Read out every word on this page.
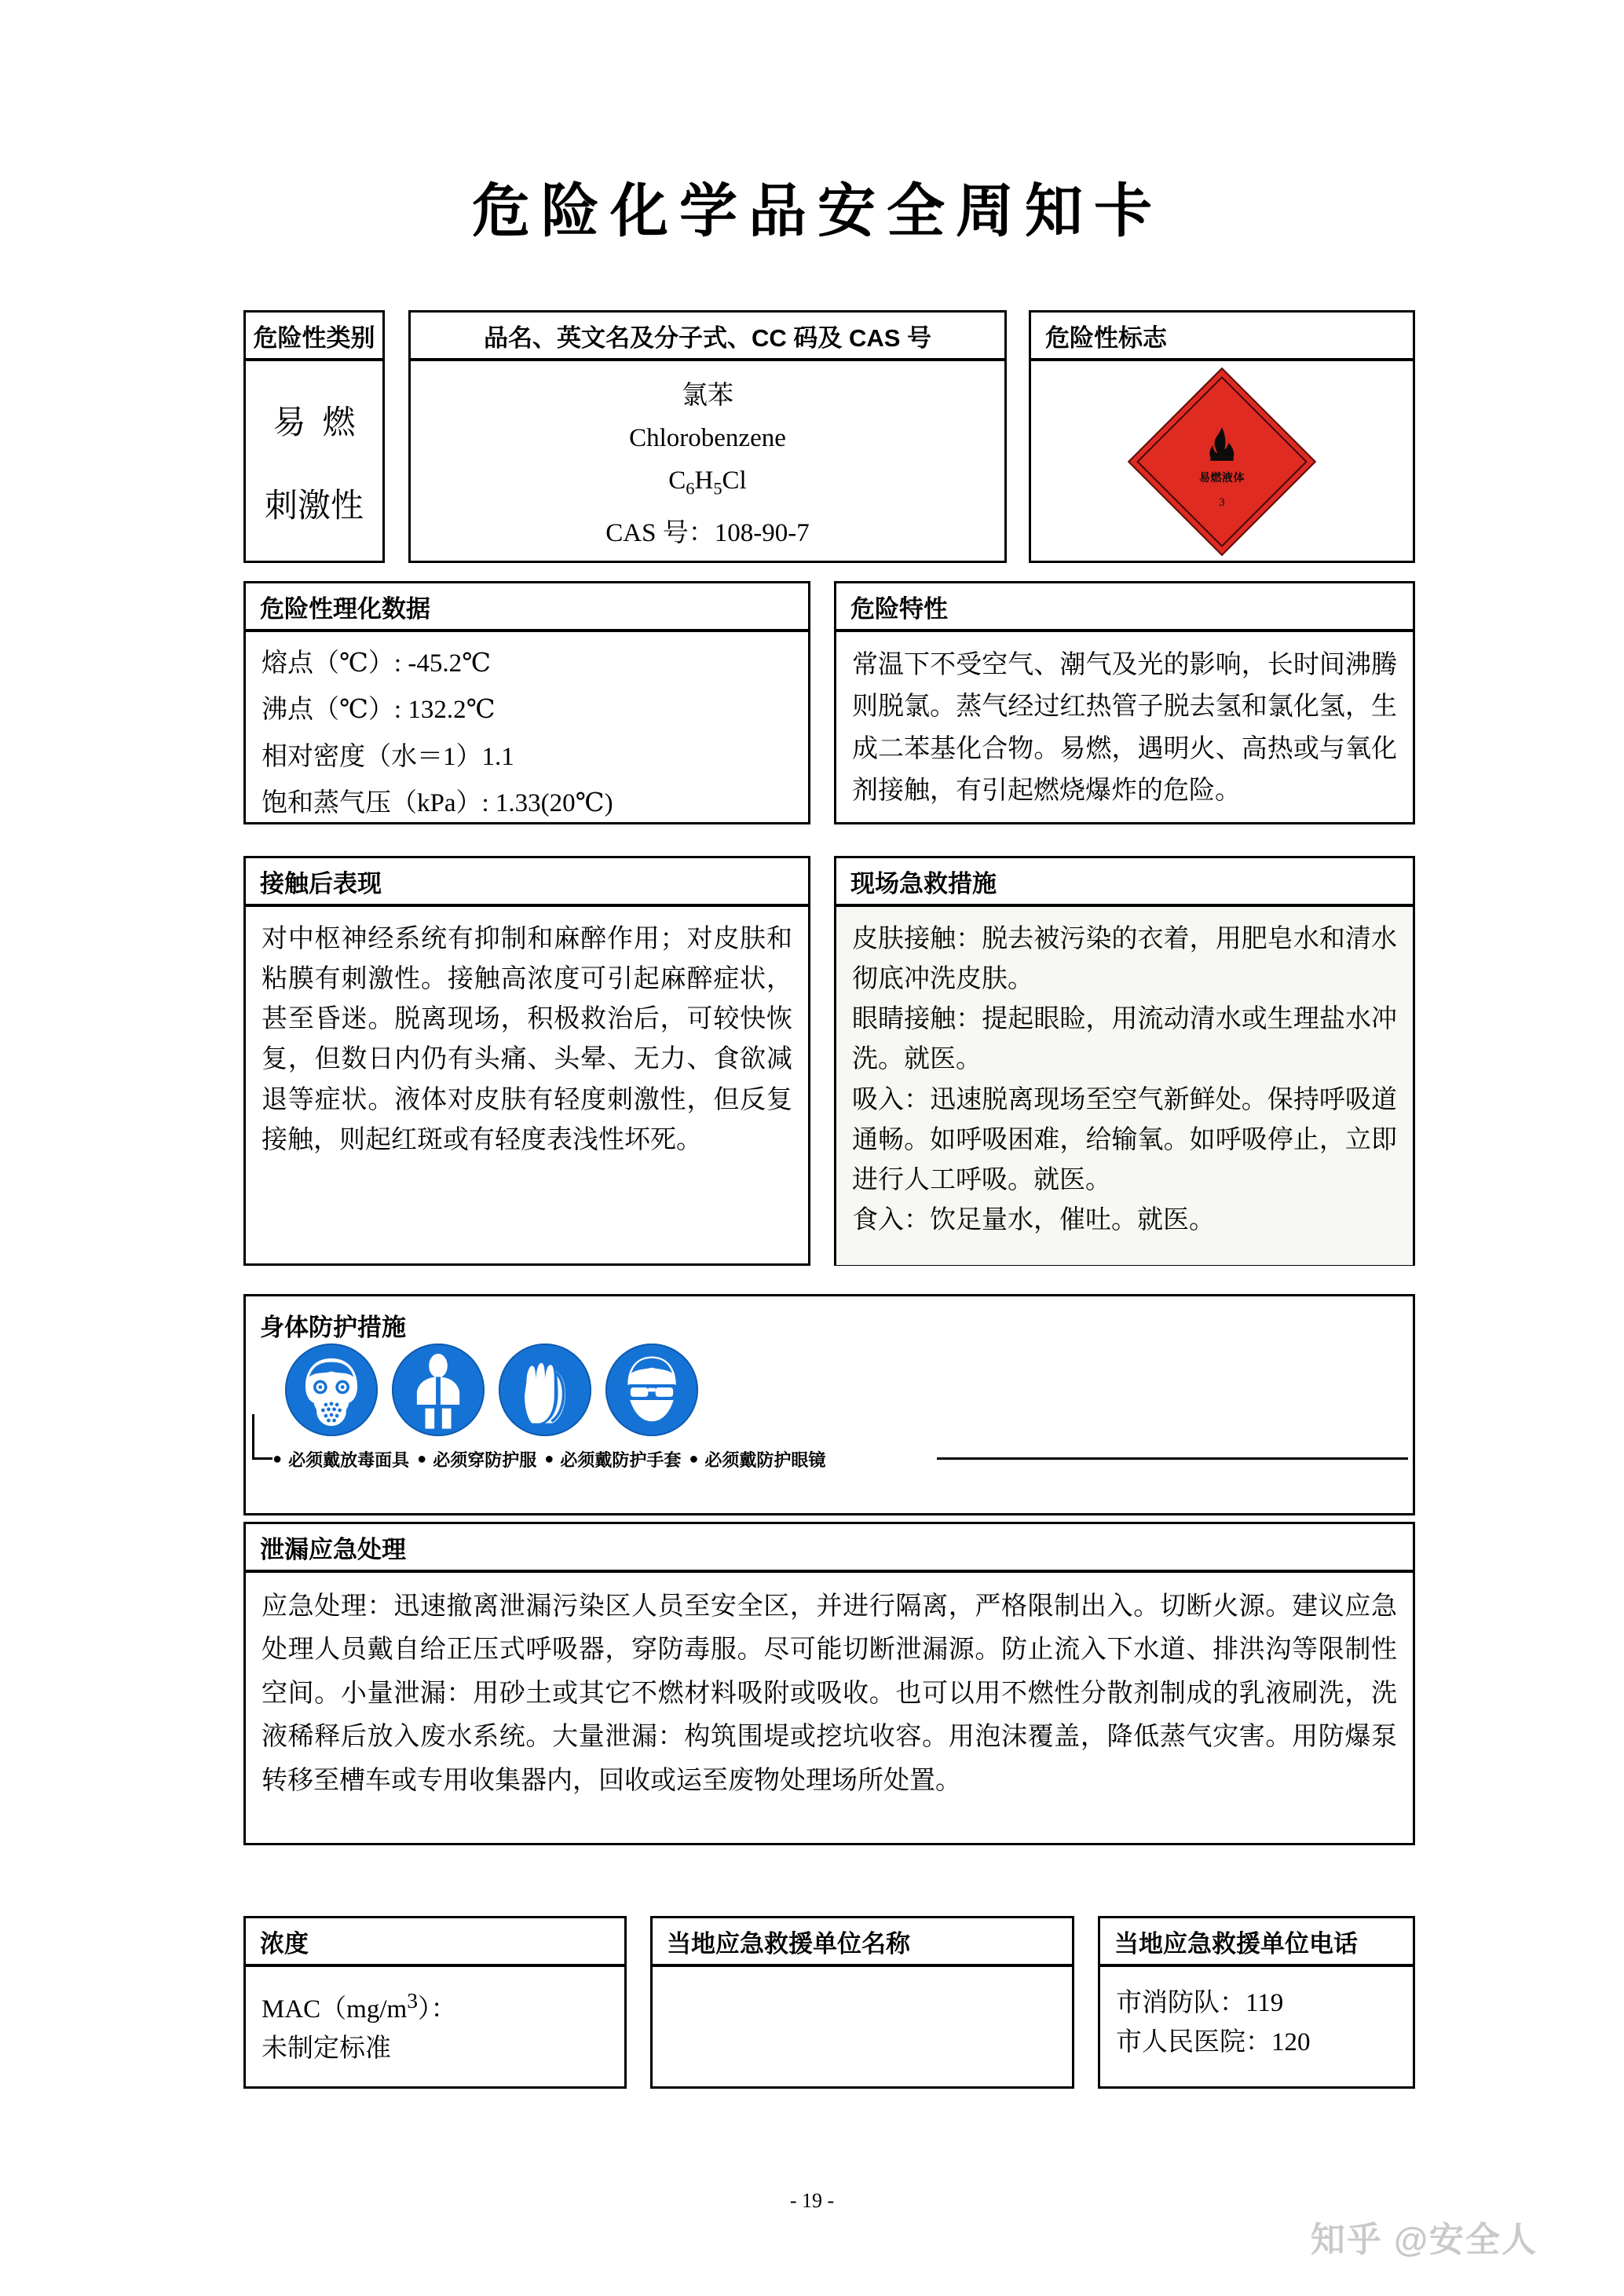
危险化学品安全周知卡
危险性类别
易  燃
刺激性
品名、英文名及分子式、CC 码及 CAS 号
氯苯
Chlorobenzene
$C_6H_5Cl$
CAS 号：108-90-7
危险性标志
易燃液体
3
危险性理化数据
熔点（℃）: -45.2℃
沸点（℃）: 132.2℃
相对密度（水＝1）1.1
饱和蒸气压（kPa）: 1.33(20℃)
危险特性
常温下不受空气、潮气及光的影响，长时间沸腾则脱氯。蒸气经过红热管子脱去氢和氯化氢，生成二苯基化合物。易燃，遇明火、高热或与氧化剂接触，有引起燃烧爆炸的危险。
接触后表现
对中枢神经系统有抑制和麻醉作用；对皮肤和粘膜有刺激性。接触高浓度可引起麻醉症状，甚至昏迷。脱离现场，积极救治后，可较快恢复，但数日内仍有头痛、头晕、无力、食欲减退等症状。液体对皮肤有轻度刺激性，但反复接触，则起红斑或有轻度表浅性坏死。
现场急救措施
皮肤接触：脱去被污染的衣着，用肥皂水和清水彻底冲洗皮肤。
眼睛接触：提起眼睑，用流动清水或生理盐水冲洗。就医。
吸入：迅速脱离现场至空气新鲜处。保持呼吸道通畅。如呼吸困难，给输氧。如呼吸停止，立即进行人工呼吸。就医。
食入：饮足量水，催吐。就医。
身体防护措施
● 必须戴放毒面具 ● 必须穿防护服 ● 必须戴防护手套 ● 必须戴防护眼镜
泄漏应急处理
应急处理：迅速撤离泄漏污染区人员至安全区，并进行隔离，严格限制出入。切断火源。建议应急处理人员戴自给正压式呼吸器，穿防毒服。尽可能切断泄漏源。防止流入下水道、排洪沟等限制性空间。小量泄漏：用砂土或其它不燃材料吸附或吸收。也可以用不燃性分散剂制成的乳液刷洗，洗液稀释后放入废水系统。大量泄漏：构筑围堤或挖坑收容。用泡沫覆盖，降低蒸气灾害。用防爆泵转移至槽车或专用收集器内，回收或运至废物处理场所处置。
浓度
$MAC(mg/m^3)$：
未制定标准
当地应急救援单位名称	当地应急救援单位电话
市消防队：119
市人民医院：120
- 19 -
知乎 @安全人
